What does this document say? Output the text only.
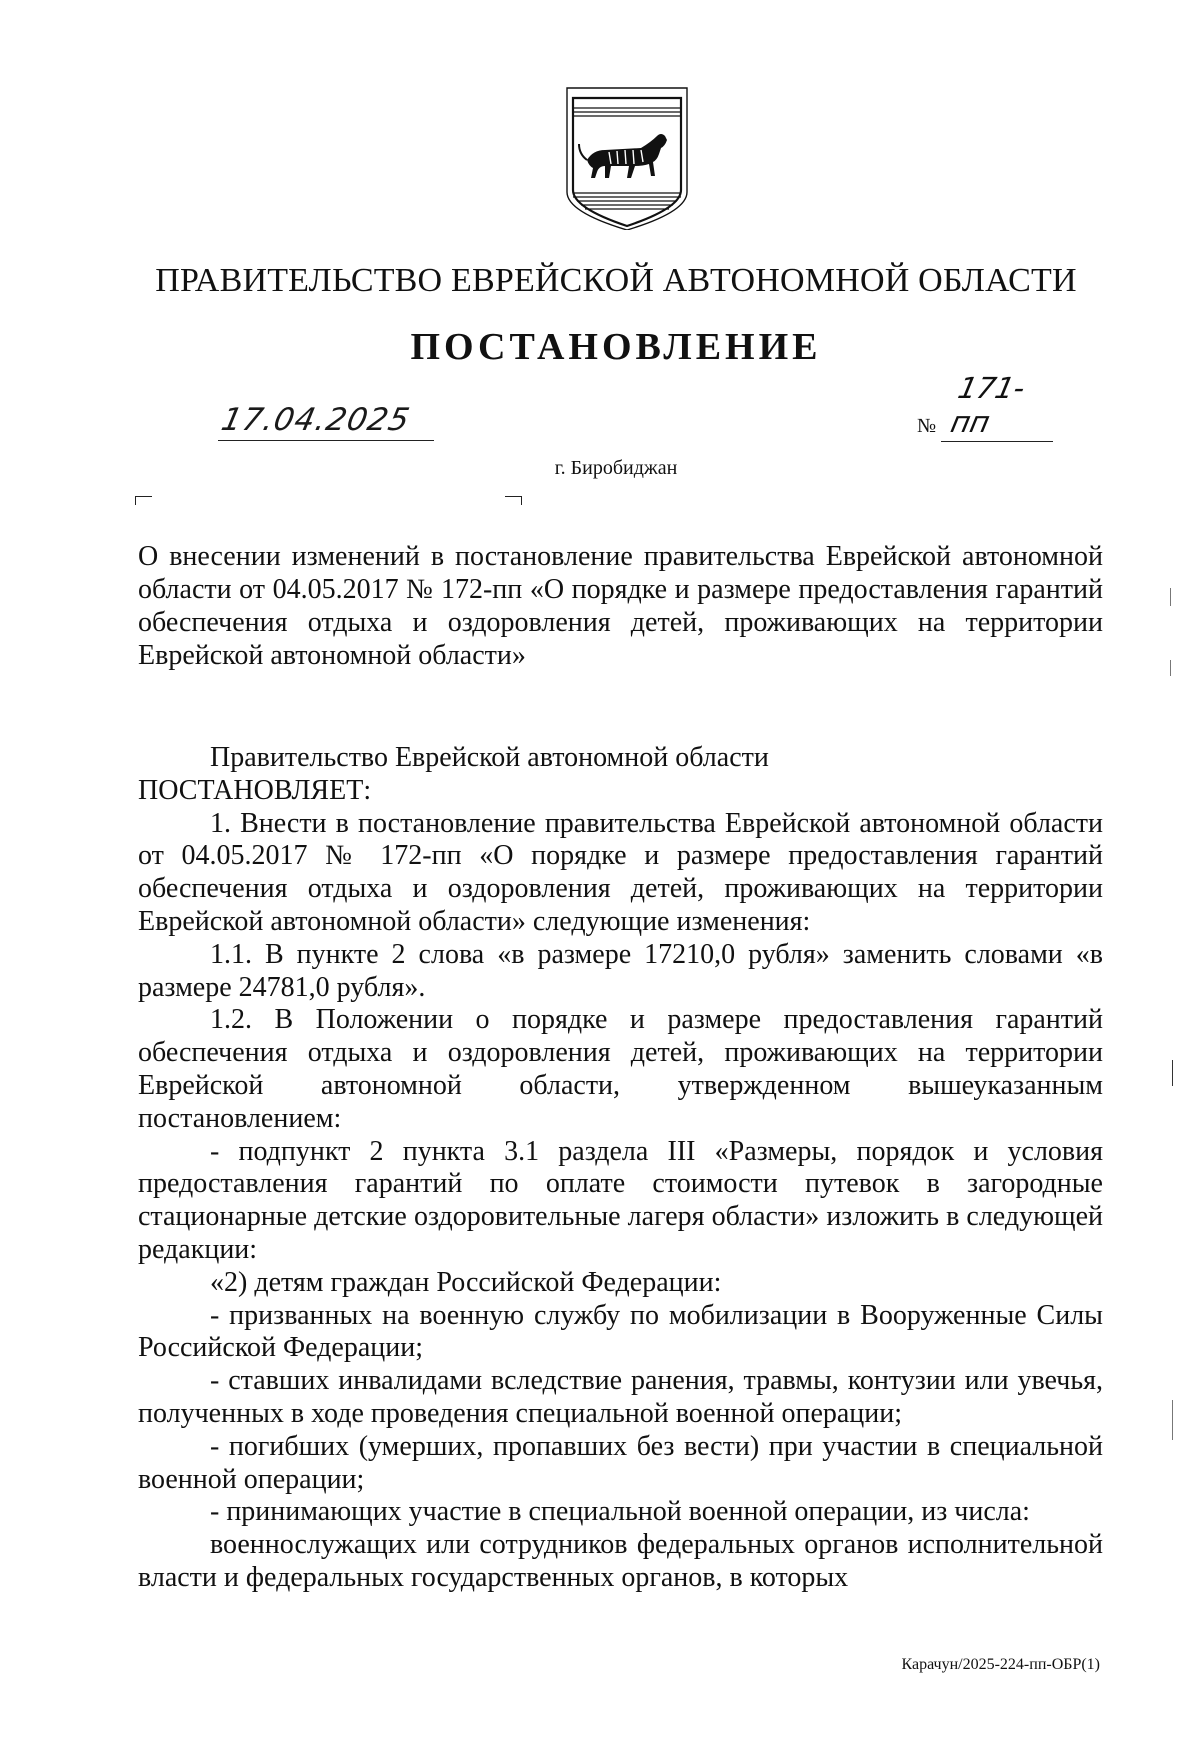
ПРАВИТЕЛЬСТВО ЕВРЕЙСКОЙ АВТОНОМНОЙ ОБЛАСТИ
ПОСТАНОВЛЕНИЕ
17.04.2025	№
171-пп
г. Биробиджан
О внесении изменений в постановление правительства Еврейской автономной области от 04.05.2017 № 172-пп «О порядке и размере предоставления гарантий обеспечения отдыха и оздоровления детей, проживающих на территории Еврейской автономной области»

Правительство Еврейской автономной области

ПОСТАНОВЛЯЕТ:

1. Внести в постановление правительства Еврейской автономной области от 04.05.2017 № 172-пп «О порядке и размере предоставления гарантий обеспечения отдыха и оздоровления детей, проживающих на территории Еврейской автономной области» следующие изменения:

1.1. В пункте 2 слова «в размере 17210,0 рубля» заменить словами «в размере 24781,0 рубля».

1.2. В Положении о порядке и размере предоставления гарантий обеспечения отдыха и оздоровления детей, проживающих на территории Еврейской автономной области, утвержденном вышеуказанным постановлением:

- подпункт 2 пункта 3.1 раздела III «Размеры, порядок и условия предоставления гарантий по оплате стоимости путевок в загородные стационарные детские оздоровительные лагеря области» изложить в следующей редакции:

«2) детям граждан Российской Федерации:

- призванных на военную службу по мобилизации в Вооруженные Силы Российской Федерации;

- ставших инвалидами вследствие ранения, травмы, контузии или увечья, полученных в ходе проведения специальной военной операции;

- погибших (умерших, пропавших без вести) при участии в специальной военной операции;

- принимающих участие в специальной военной операции, из числа:

военнослужащих или сотрудников федеральных органов исполнительной власти и федеральных государственных органов, в которых

Карачун/2025-224-пп-ОБР(1)
